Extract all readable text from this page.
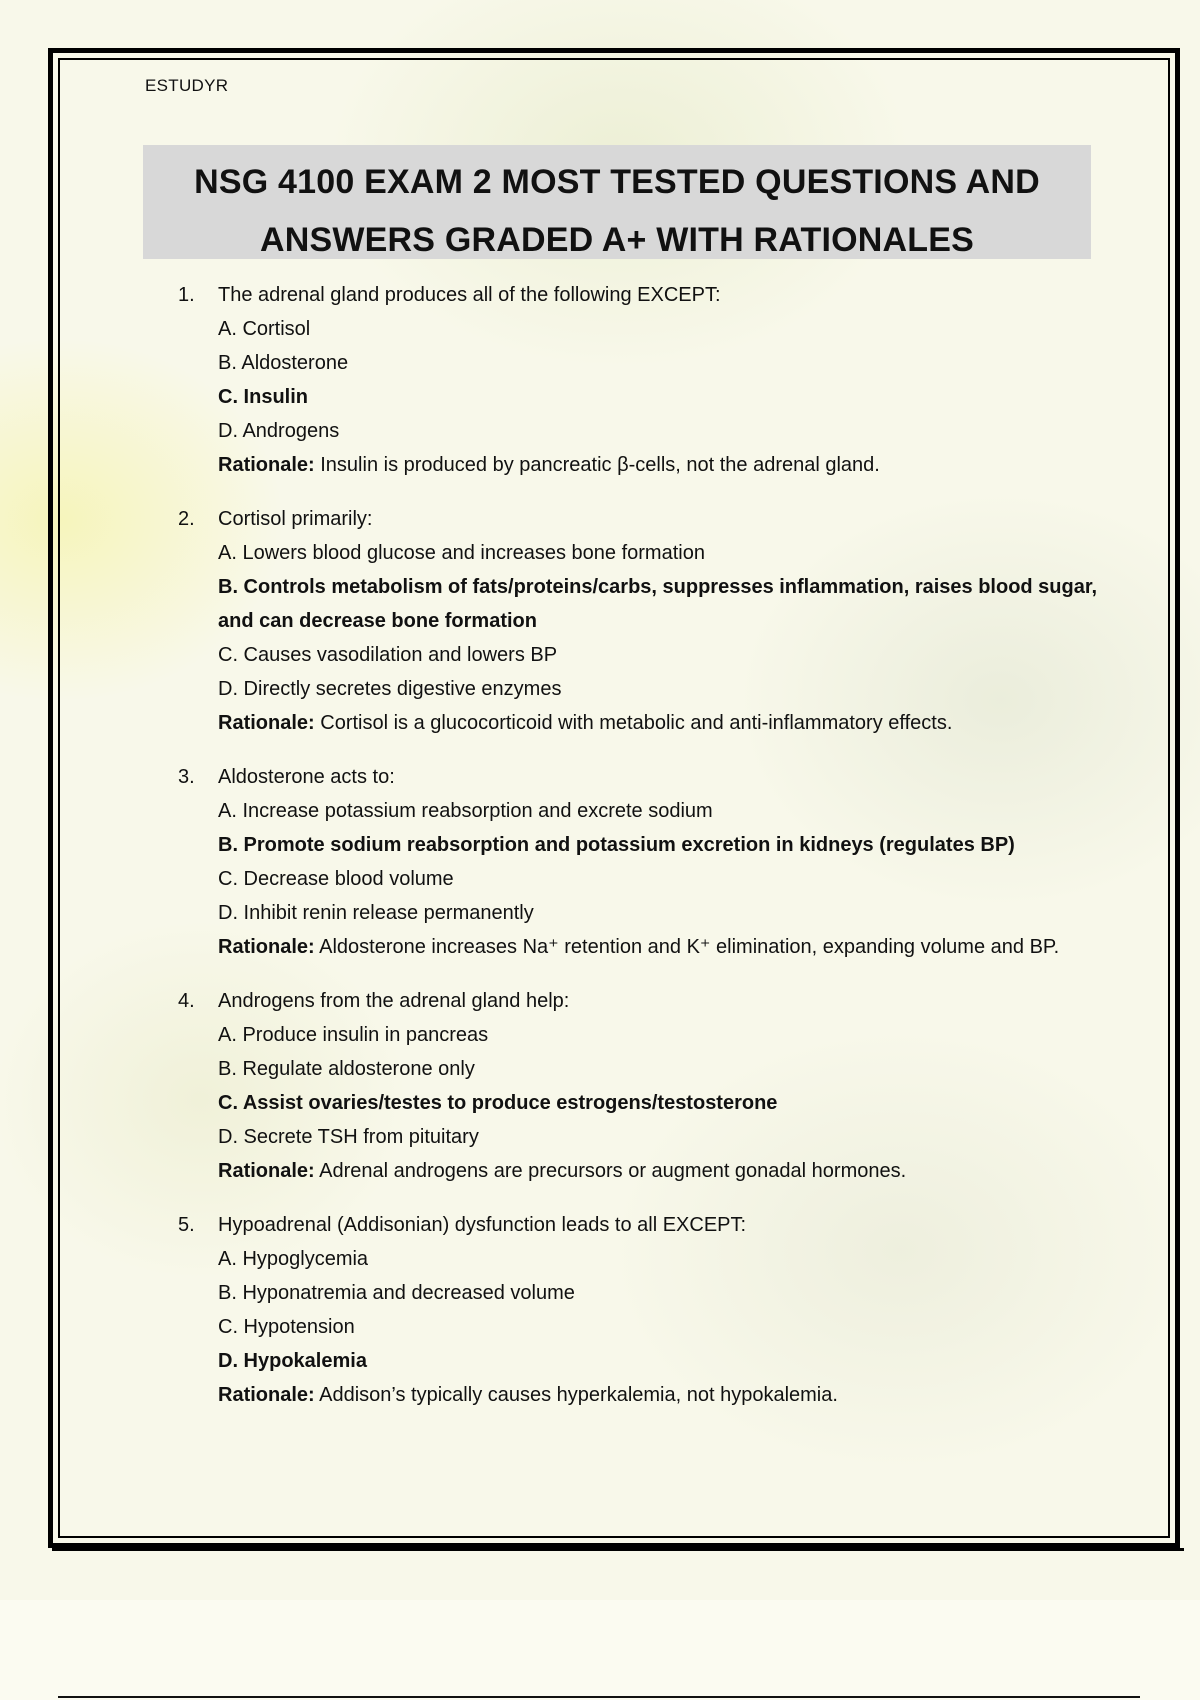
ESTUDYR
NSG 4100 EXAM 2 MOST TESTED QUESTIONS AND
ANSWERS GRADED A+ WITH RATIONALES
1. The adrenal gland produces all of the following EXCEPT:
A. Cortisol
B. Aldosterone
C. Insulin
D. Androgens
Rationale: Insulin is produced by pancreatic β-cells, not the adrenal gland.
2. Cortisol primarily:
A. Lowers blood glucose and increases bone formation
B. Controls metabolism of fats/proteins/carbs, suppresses inflammation, raises blood sugar, and can decrease bone formation
C. Causes vasodilation and lowers BP
D. Directly secretes digestive enzymes
Rationale: Cortisol is a glucocorticoid with metabolic and anti-inflammatory effects.
3. Aldosterone acts to:
A. Increase potassium reabsorption and excrete sodium
B. Promote sodium reabsorption and potassium excretion in kidneys (regulates BP)
C. Decrease blood volume
D. Inhibit renin release permanently
Rationale: Aldosterone increases Na⁺ retention and K⁺ elimination, expanding volume and BP.
4. Androgens from the adrenal gland help:
A. Produce insulin in pancreas
B. Regulate aldosterone only
C. Assist ovaries/testes to produce estrogens/testosterone
D. Secrete TSH from pituitary
Rationale: Adrenal androgens are precursors or augment gonadal hormones.
5. Hypoadrenal (Addisonian) dysfunction leads to all EXCEPT:
A. Hypoglycemia
B. Hyponatremia and decreased volume
C. Hypotension
D. Hypokalemia
Rationale: Addison’s typically causes hyperkalemia, not hypokalemia.
